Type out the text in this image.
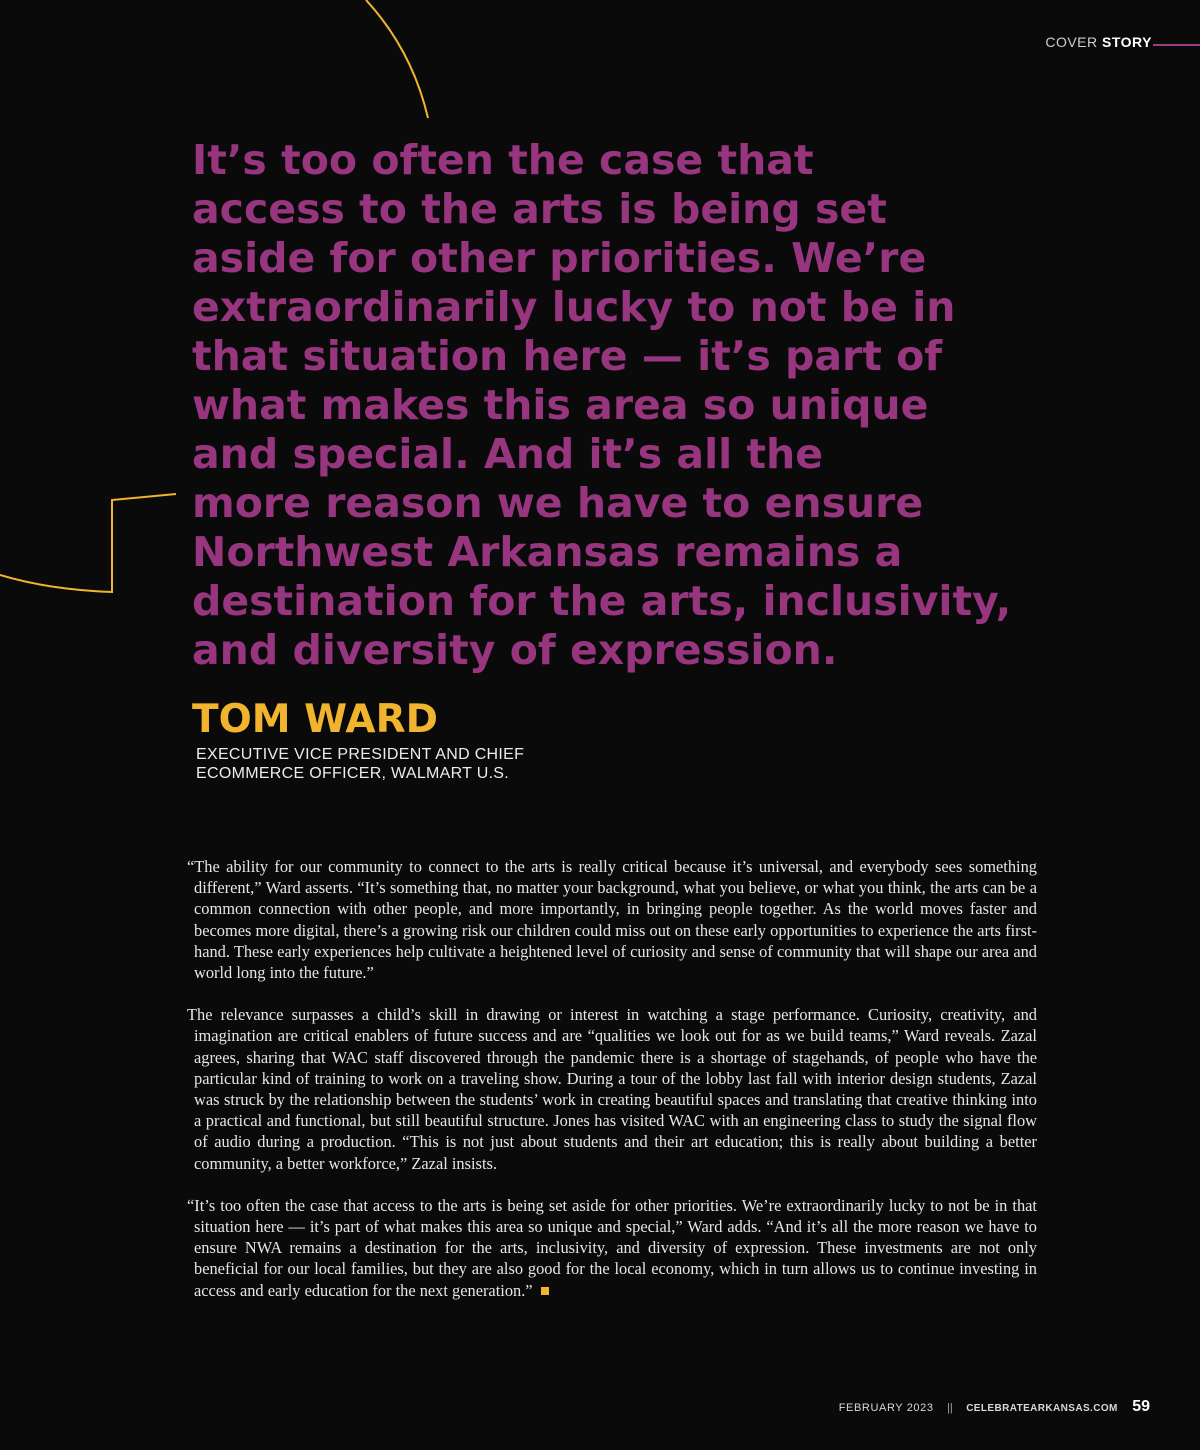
COVER STORY
It’s too often the case that
access to the arts is being set
aside for other priorities. We’re
extraordinarily lucky to not be in
that situation here — it’s part of
what makes this area so unique
and special. And it’s all the
more reason we have to ensure
Northwest Arkansas remains a
destination for the arts, inclusivity,
and diversity of expression.
TOM WARD
EXECUTIVE VICE PRESIDENT AND CHIEF
ECOMMERCE OFFICER, WALMART U.S.

“The ability for our community to connect to the arts is really critical because it’s universal, and everybody sees something different,” Ward asserts. “It’s something that, no matter your background, what you believe, or what you think, the arts can be a common connection with other people, and more importantly, in bringing people together. As the world moves faster and becomes more digital, there’s a growing risk our children could miss out on these early opportunities to experience the arts first-hand. These early experiences help cultivate a heightened level of curiosity and sense of community that will shape our area and world long into the future.”

The relevance surpasses a child’s skill in drawing or interest in watching a stage performance. Curiosity, creativity, and imagination are critical enablers of future success and are “qualities we look out for as we build teams,” Ward reveals. Zazal agrees, sharing that WAC staff discovered through the pandemic there is a shortage of stagehands, of people who have the particular kind of training to work on a traveling show. During a tour of the lobby last fall with interior design students, Zazal was struck by the relationship between the students’ work in creating beautiful spaces and translating that creative thinking into a practical and functional, but still beautiful structure. Jones has visited WAC with an engineering class to study the signal flow of audio during a production. “This is not just about students and their art education; this is really about building a better community, a better workforce,” Zazal insists.

“It’s too often the case that access to the arts is being set aside for other priorities. We’re extraordinarily lucky to not be in that situation here — it’s part of what makes this area so unique and special,” Ward adds. “And it’s all the more reason we have to ensure NWA remains a destination for the arts, inclusivity, and diversity of expression. These investments are not only beneficial for our local families, but they are also good for the local economy, which in turn allows us to continue investing in access and early education for the next generation.”

FEBRUARY 2023 || CELEBRATEARKANSAS.COM 59
